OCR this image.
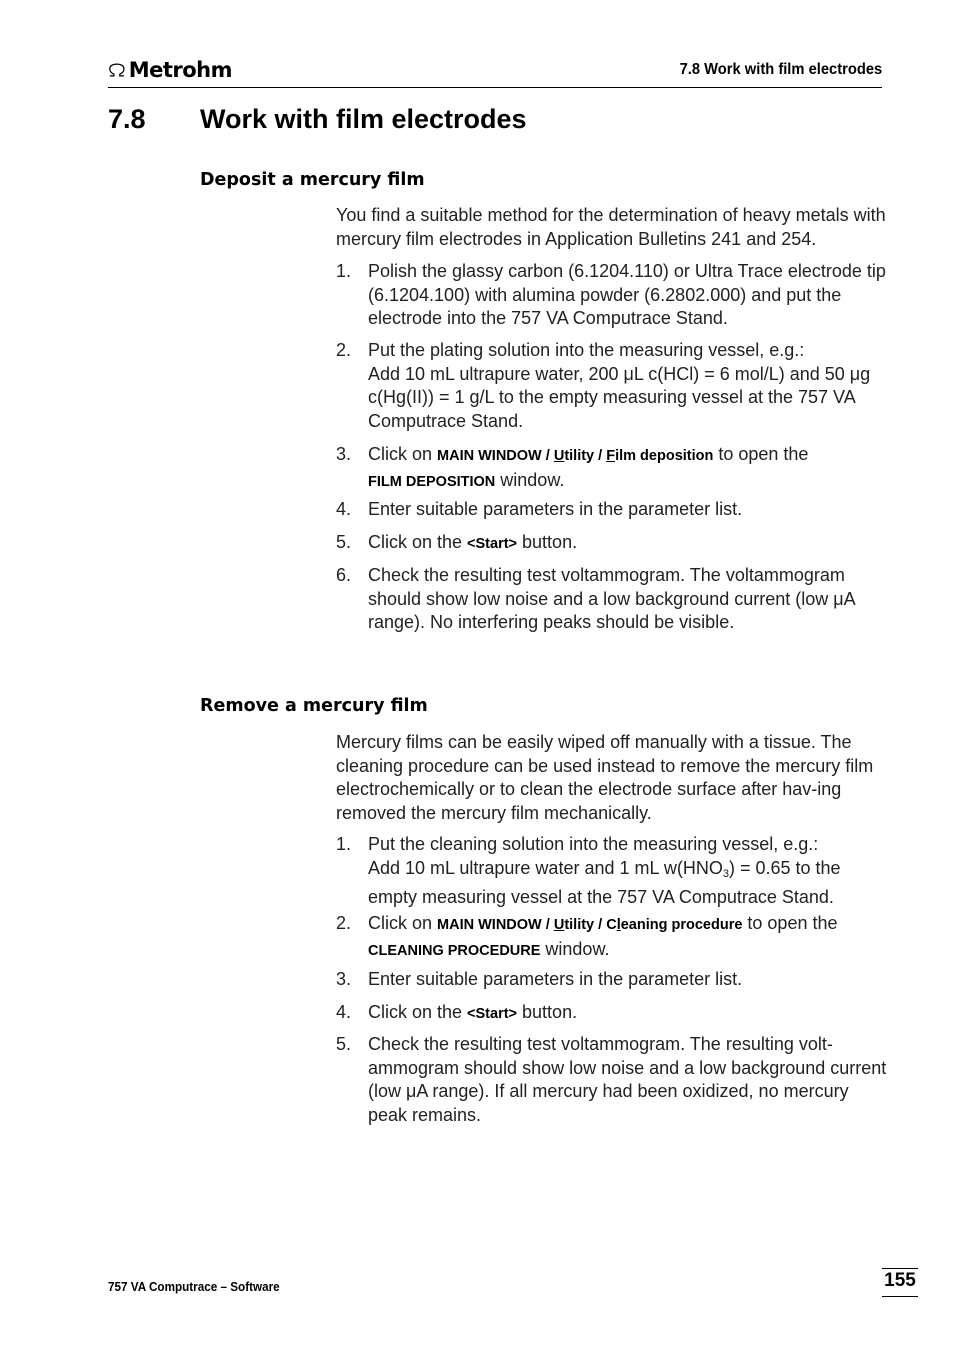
Metrohm	7.8 Work with film electrodes
7.8 Work with film electrodes
Deposit a mercury film
You find a suitable method for the determination of heavy metals with mercury film electrodes in Application Bulletins 241 and 254.
1. Polish the glassy carbon (6.1204.110) or Ultra Trace electrode tip (6.1204.100) with alumina powder (6.2802.000) and put the electrode into the 757 VA Computrace Stand.
2. Put the plating solution into the measuring vessel, e.g.:
Add 10 mL ultrapure water, 200 μL c(HCl) = 6 mol/L) and 50 μg c(Hg(II)) = 1 g/L to the empty measuring vessel at the 757 VA Computrace Stand.
3. Click on MAIN WINDOW / Utility / Film deposition to open the
FILM DEPOSITION window.
4. Enter suitable parameters in the parameter list.
5. Click on the <Start> button.
6. Check the resulting test voltammogram. The voltammogram should show low noise and a low background current (low μA range). No interfering peaks should be visible.
Remove a mercury film
Mercury films can be easily wiped off manually with a tissue. The cleaning procedure can be used instead to remove the mercury film electrochemically or to clean the electrode surface after hav-ing removed the mercury film mechanically.
1. Put the cleaning solution into the measuring vessel, e.g.:
Add 10 mL ultrapure water and 1 mL $w(HNO_3) = 0.65$ to the empty measuring vessel at the 757 VA Computrace Stand.
2. Click on MAIN WINDOW / Utility / Cleaning procedure to open the
CLEANING PROCEDURE window.
3. Enter suitable parameters in the parameter list.
4. Click on the <Start> button.
5. Check the resulting test voltammogram. The resulting volt-ammogram should show low noise and a low background current (low μA range). If all mercury had been oxidized, no mercury peak remains.
757 VA Computrace – Software	155
